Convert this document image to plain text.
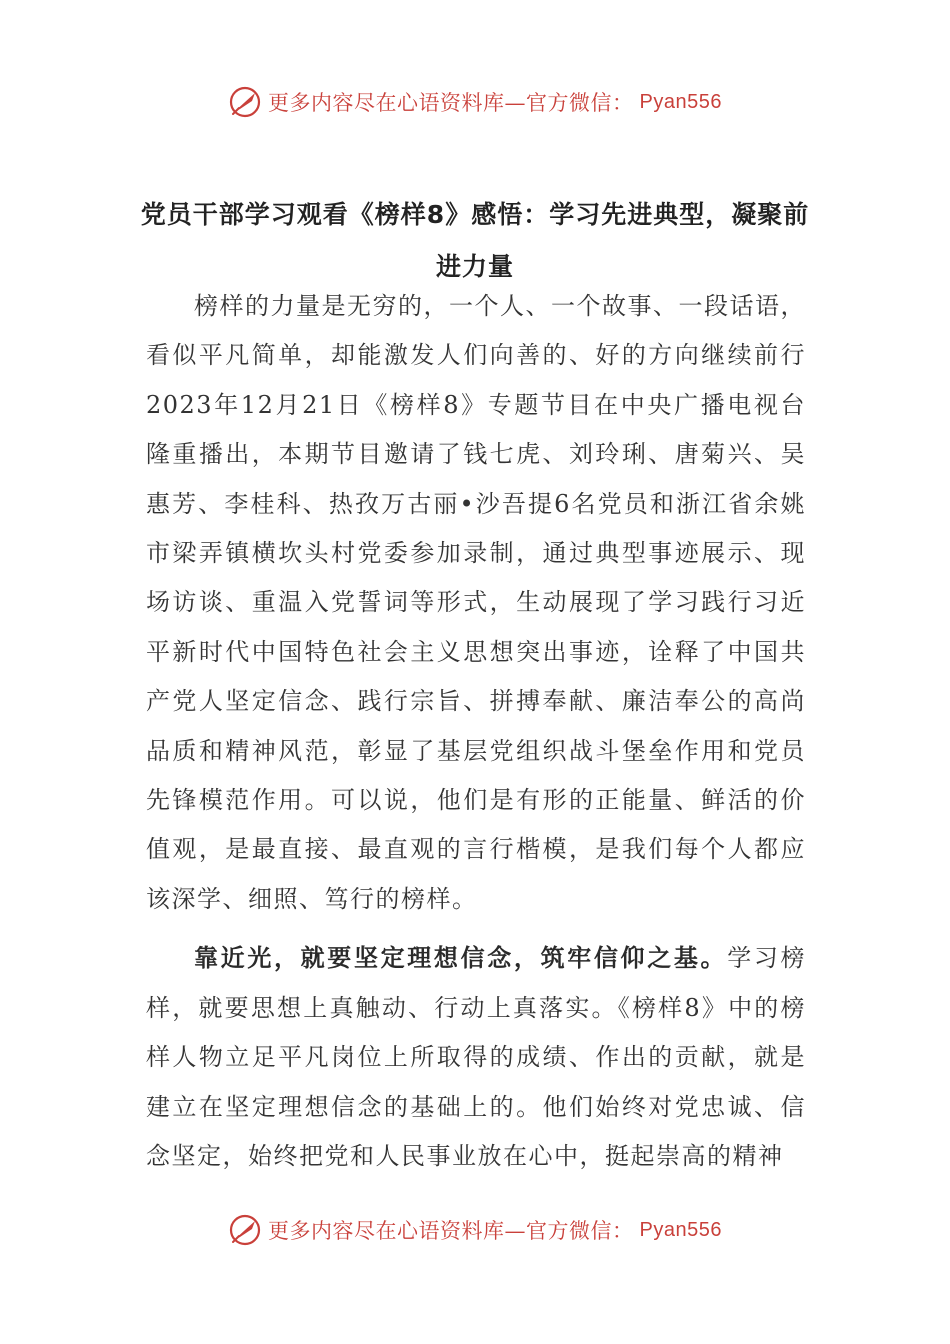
更多内容尽在心语资料库—官方微信： Pyan556
党员干部学习观看《榜样8》感悟：学习先进典型，凝聚前进力量

榜样的力量是无穷的，一个人、一个故事、一段话语，看似平凡简单，却能激发人们向善的、好的方向继续前行2023年12月21日《榜样8》专题节目在中央广播电视台隆重播出，本期节目邀请了钱七虎、刘玲琍、唐菊兴、吴惠芳、李桂科、热孜万古丽•沙吾提6名党员和浙江省余姚市梁弄镇横坎头村党委参加录制，通过典型事迹展示、现场访谈、重温入党誓词等形式，生动展现了学习践行习近平新时代中国特色社会主义思想突出事迹，诠释了中国共产党人坚定信念、践行宗旨、拼搏奉献、廉洁奉公的高尚品质和精神风范，彰显了基层党组织战斗堡垒作用和党员先锋模范作用。可以说，他们是有形的正能量、鲜活的价值观，是最直接、最直观的言行楷模，是我们每个人都应该深学、细照、笃行的榜样。

靠近光，就要坚定理想信念，筑牢信仰之基。学习榜样，就要思想上真触动、行动上真落实。《榜样8》中的榜样人物立足平凡岗位上所取得的成绩、作出的贡献，就是建立在坚定理想信念的基础上的。他们始终对党忠诚、信念坚定，始终把党和人民事业放在心中，挺起崇高的精神

更多内容尽在心语资料库—官方微信： Pyan556
